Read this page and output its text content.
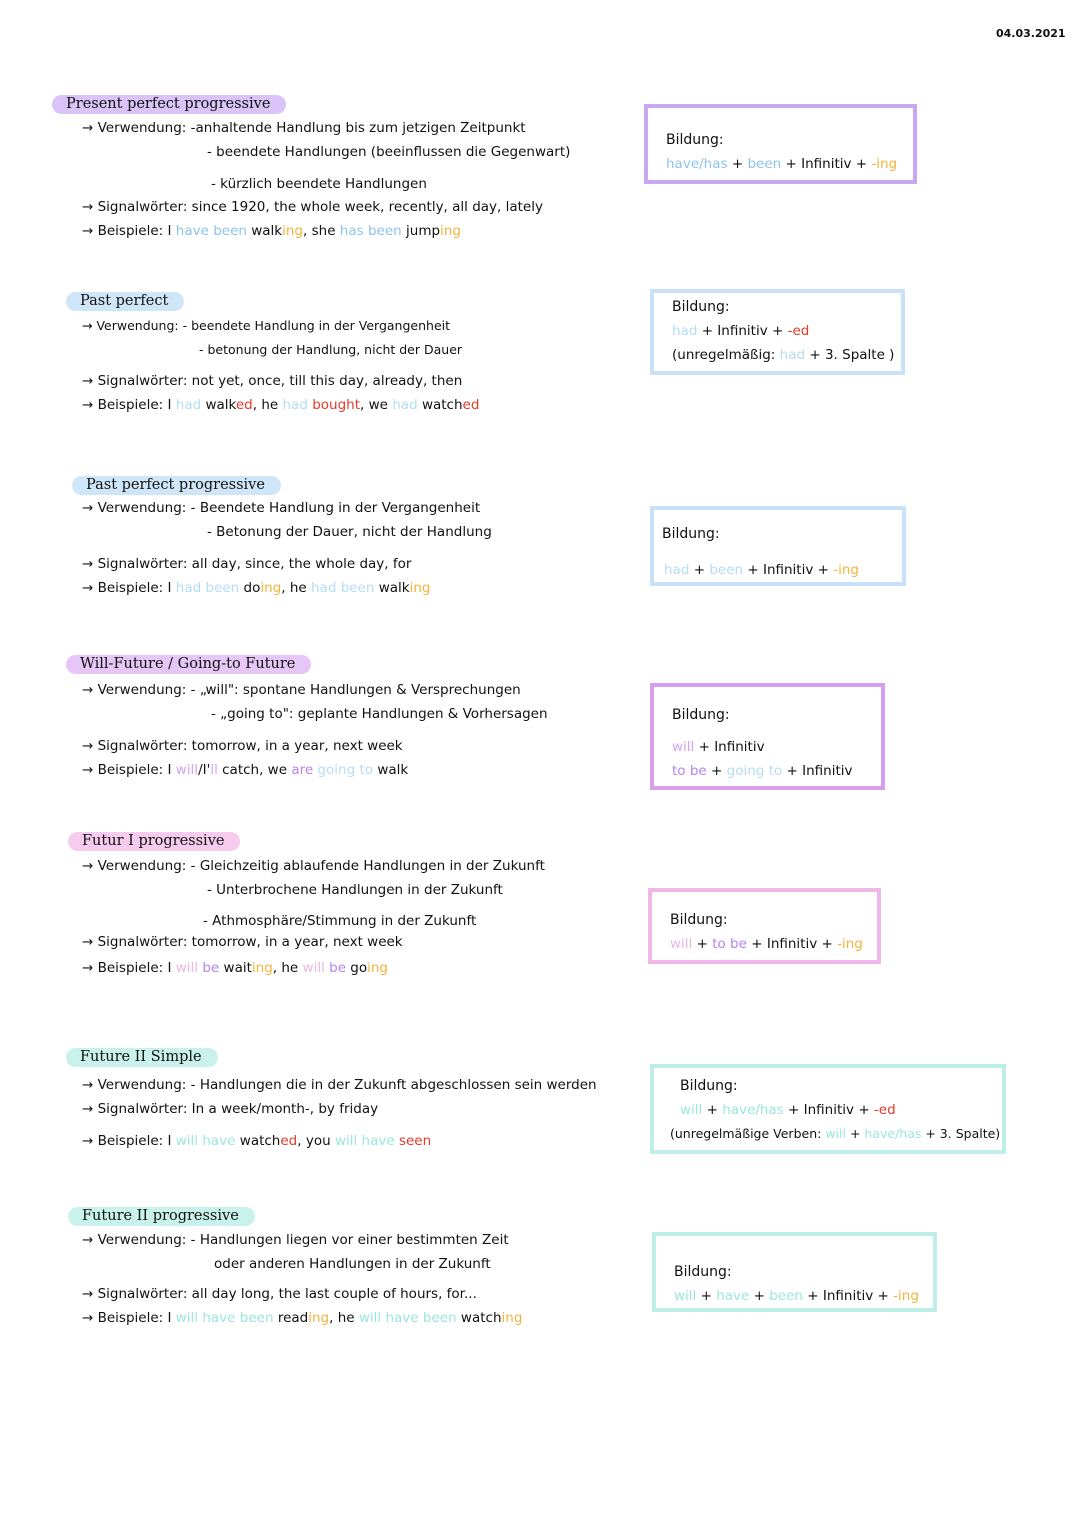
04.03.2021
Present perfect progressive
→ Verwendung: -anhaltende Handlung bis zum jetzigen Zeitpunkt
- beendete Handlungen (beeinflussen die Gegenwart)
- kürzlich beendete Handlungen
→ Signalwörter: since 1920, the whole week, recently, all day, lately
→ Beispiele: I have been walking, she has been jumping
Bildung:
have/has + been + Infinitiv + -ing
Past perfect
→ Verwendung: - beendete Handlung in der Vergangenheit
- betonung der Handlung, nicht der Dauer
→ Signalwörter: not yet, once, till this day, already, then
→ Beispiele: I had walked, he had bought, we had watched
Bildung:
had + Infinitiv + -ed
(unregelmäßig: had + 3. Spalte )
Past perfect progressive
→ Verwendung: - Beendete Handlung in der Vergangenheit
- Betonung der Dauer, nicht der Handlung
→ Signalwörter: all day, since, the whole day, for
→ Beispiele: I had been doing, he had been walking
Bildung:
had + been + Infinitiv + -ing
Will-Future / Going-to Future
→ Verwendung: - „will": spontane Handlungen & Versprechungen
- „going to": geplante Handlungen & Vorhersagen
→ Signalwörter: tomorrow, in a year, next week
→ Beispiele: I will/I'll catch, we are going to walk
Bildung:
will + Infinitiv
to be + going to + Infinitiv
Futur I progressive
→ Verwendung: - Gleichzeitig ablaufende Handlungen in der Zukunft
- Unterbrochene Handlungen in der Zukunft
- Athmosphäre/Stimmung in der Zukunft
→ Signalwörter: tomorrow, in a year, next week
→ Beispiele: I will be waiting, he will be going
Bildung:
will + to be + Infinitiv + -ing
Future II Simple
→ Verwendung: - Handlungen die in der Zukunft abgeschlossen sein werden
→ Signalwörter: In a week/month-, by friday
→ Beispiele: I will have watched, you will have seen
Bildung:
will + have/has + Infinitiv + -ed
(unregelmäßige Verben: will + have/has + 3. Spalte)
Future II progressive
→ Verwendung: - Handlungen liegen vor einer bestimmten Zeit
oder anderen Handlungen in der Zukunft
→ Signalwörter: all day long, the last couple of hours, for...
→ Beispiele: I will have been reading, he will have been watching
Bildung:
will + have + been + Infinitiv + -ing
